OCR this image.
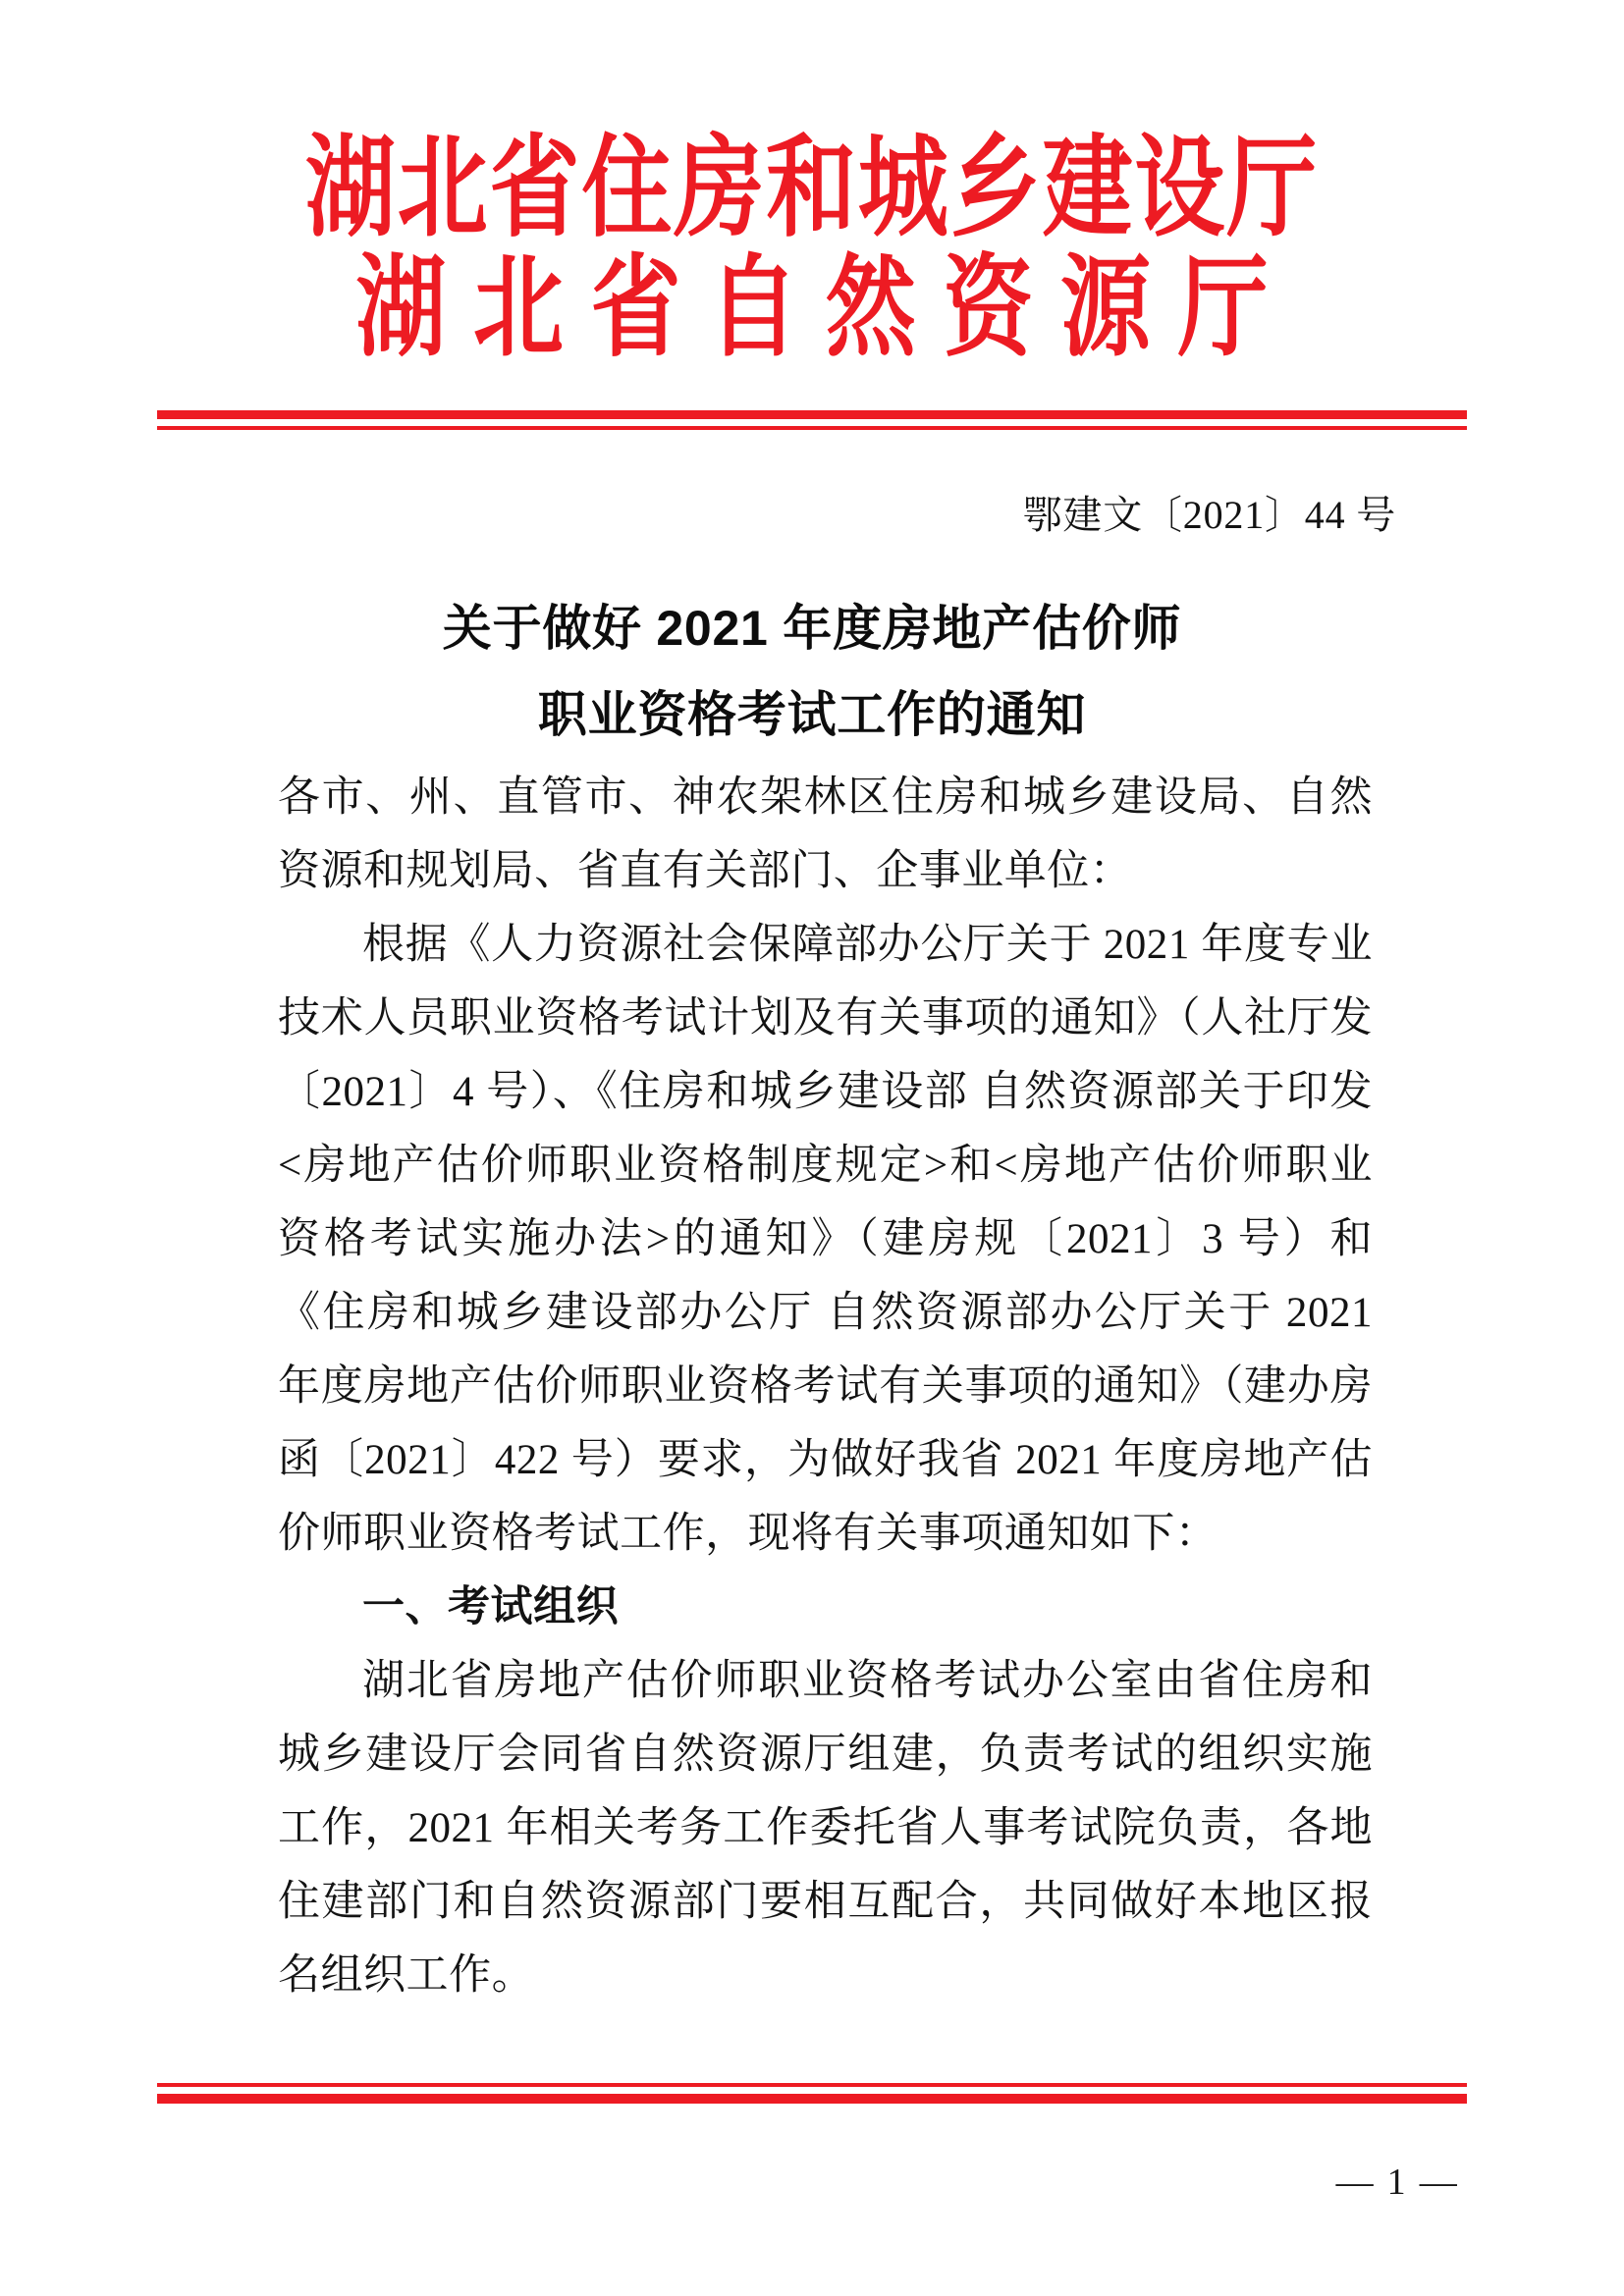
湖北省住房和城乡建设厅
湖北省自然资源厅
鄂建文〔2021〕44 号
关于做好 2021 年度房地产估价师
职业资格考试工作的通知

各市、州、直管市、神农架林区住房和城乡建设局、自然资源和规划局、省直有关部门、企事业单位：

根据《人力资源社会保障部办公厅关于 2021 年度专业技术人员职业资格考试计划及有关事项的通知》（人社厅发〔2021〕4 号）、《住房和城乡建设部 自然资源部关于印发<房地产估价师职业资格制度规定>和<房地产估价师职业资格考试实施办法>的通知》（建房规〔2021〕3 号）和《住房和城乡建设部办公厅 自然资源部办公厅关于 2021 年度房地产估价师职业资格考试有关事项的通知》（建办房函〔2021〕422 号）要求，为做好我省 2021 年度房地产估价师职业资格考试工作，现将有关事项通知如下：

一、考试组织

湖北省房地产估价师职业资格考试办公室由省住房和城乡建设厅会同省自然资源厅组建，负责考试的组织实施工作，2021 年相关考务工作委托省人事考试院负责，各地住建部门和自然资源部门要相互配合，共同做好本地区报名组织工作。

— 1 —
